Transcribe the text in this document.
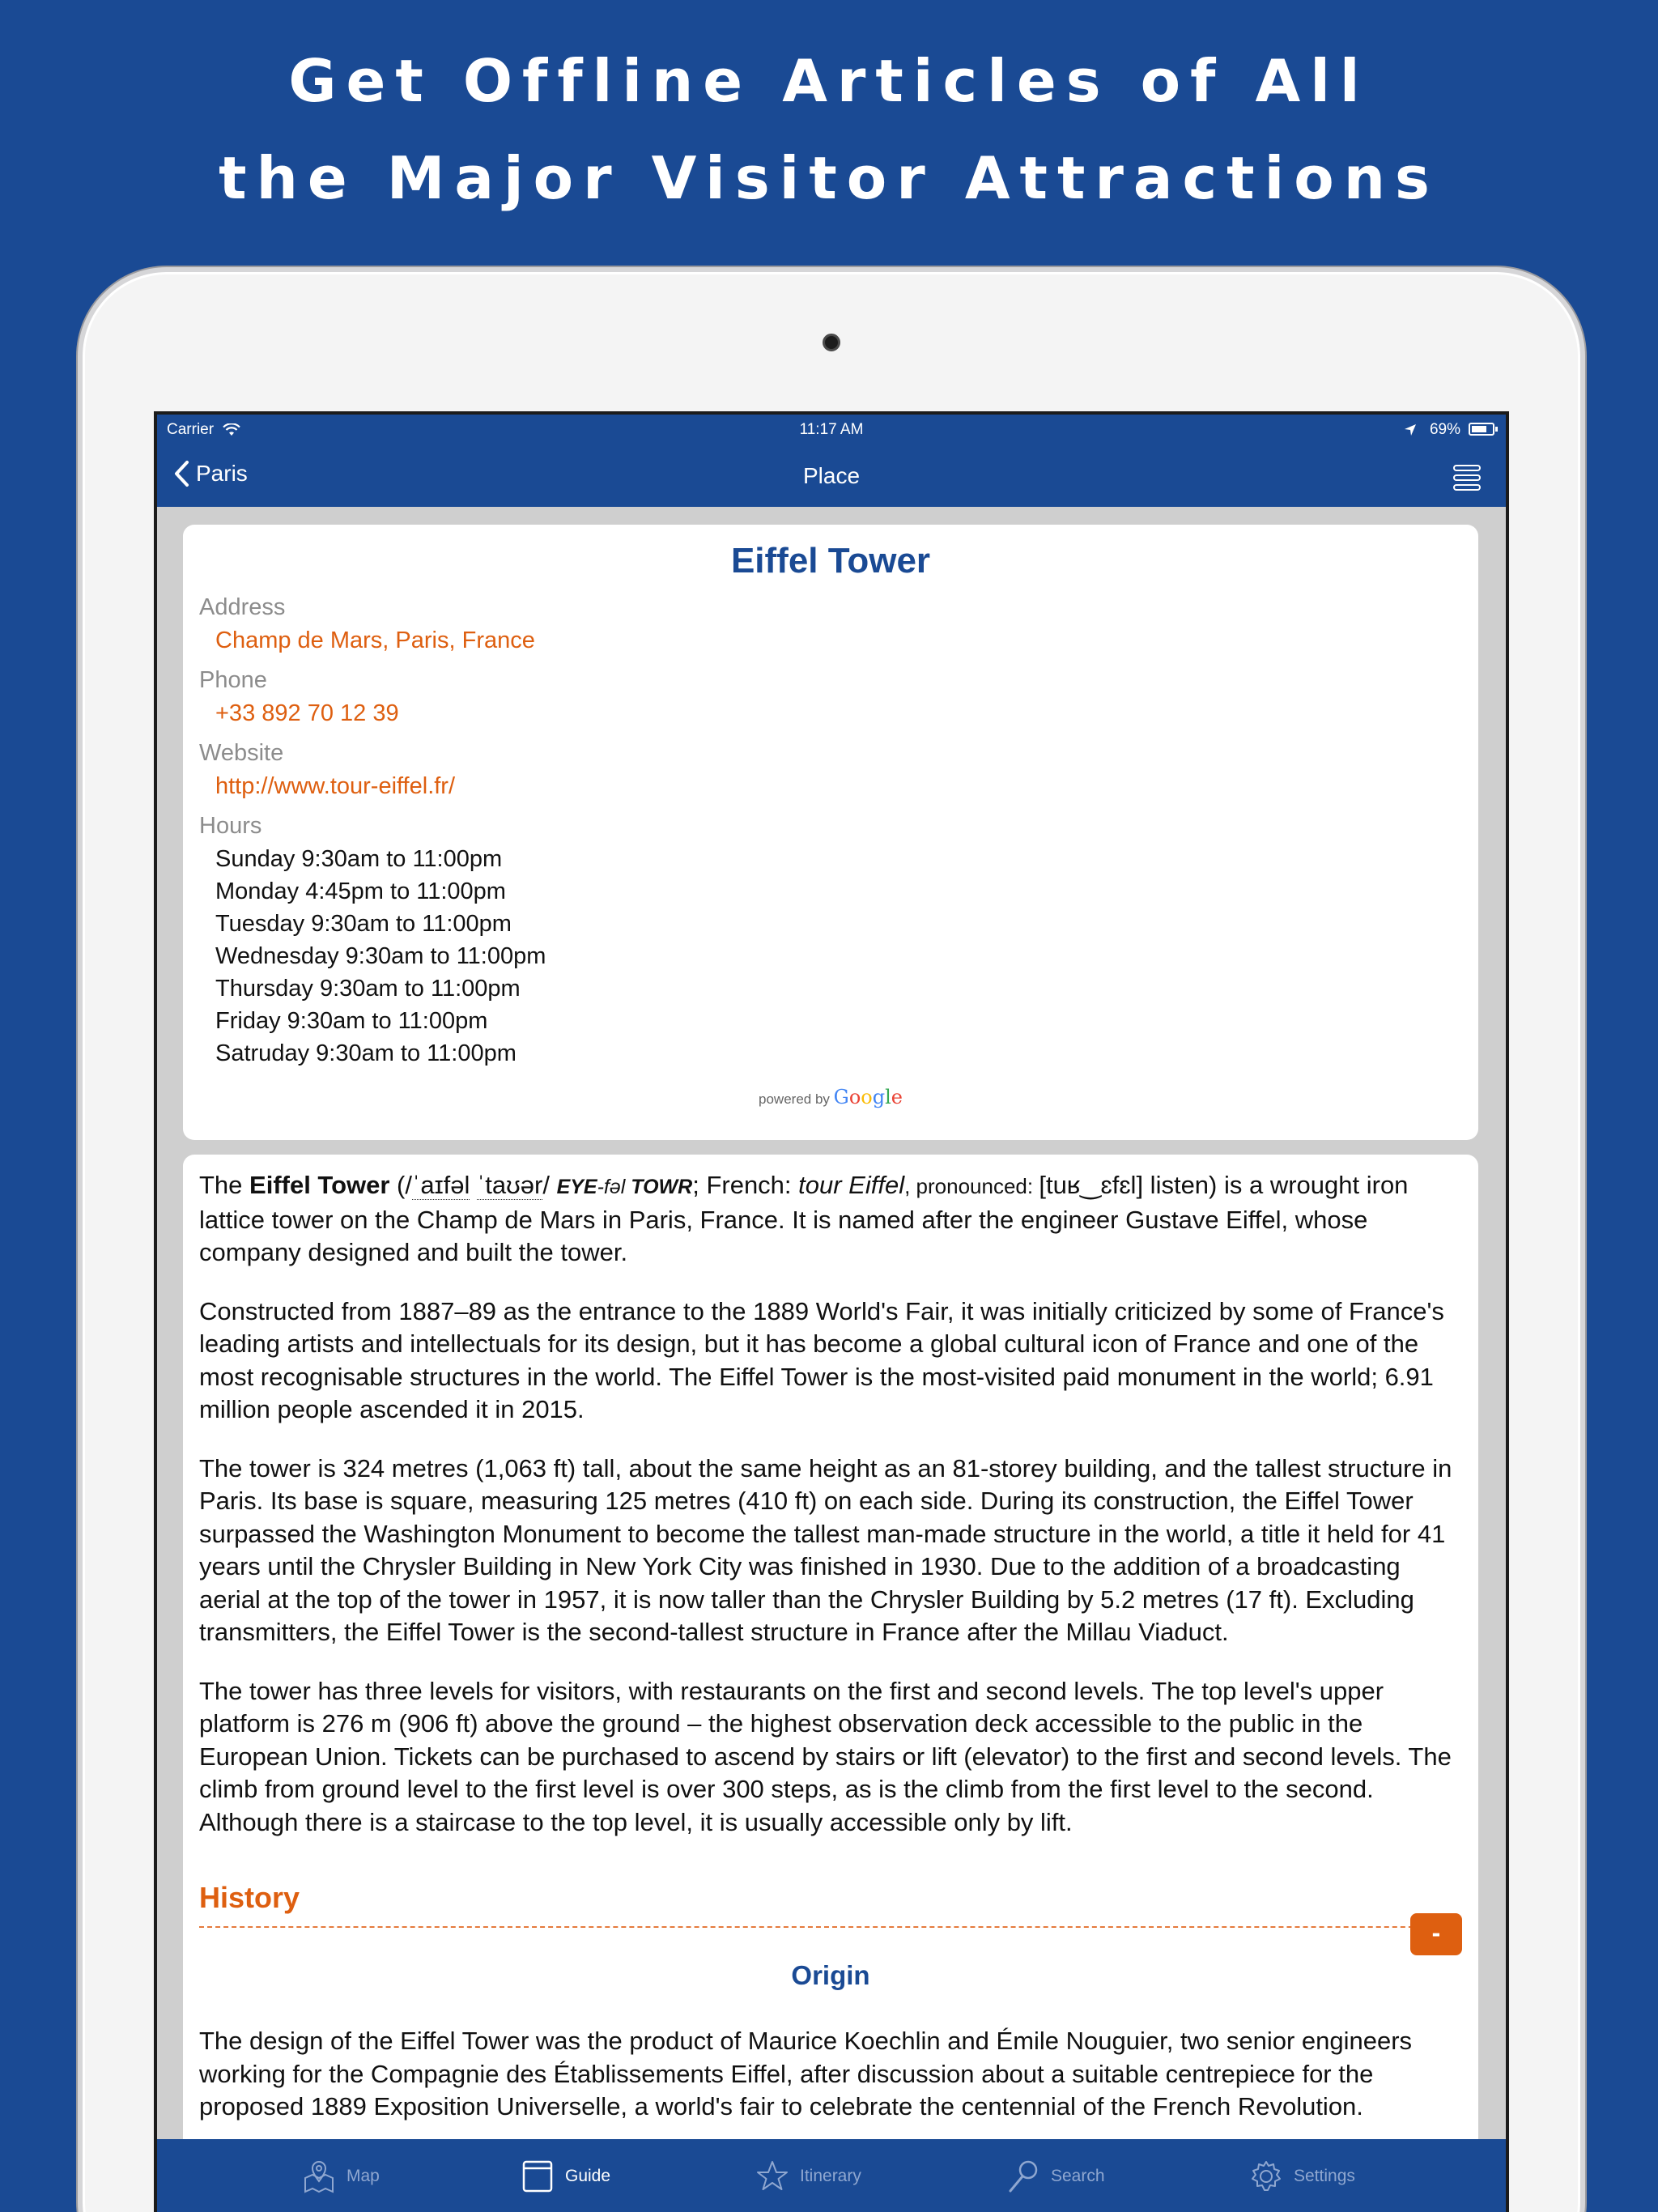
Get Offline Articles of All
the Major Visitor Attractions
Carrier	11:17 AM	69%
Paris	Place
Eiffel Tower
Address
Champ de Mars, Paris, France
Phone
+33 892 70 12 39
Website
http://www.tour-eiffel.fr/
Hours
Sunday 9:30am to 11:00pm
Monday 4:45pm to 11:00pm
Tuesday 9:30am to 11:00pm
Wednesday 9:30am to 11:00pm
Thursday 9:30am to 11:00pm
Friday 9:30am to 11:00pm
Satruday 9:30am to 11:00pm
powered by Google

The Eiffel Tower (/ˈaɪfəl ˈtaʊər/ EYE-fəl TOWR; French: tour Eiffel, pronounced: [tuʁ‿ɛfɛl] listen) is a wrought iron lattice tower on the Champ de Mars in Paris, France. It is named after the engineer Gustave Eiffel, whose company designed and built the tower.

Constructed from 1887–89 as the entrance to the 1889 World's Fair, it was initially criticized by some of France's leading artists and intellectuals for its design, but it has become a global cultural icon of France and one of the most recognisable structures in the world. The Eiffel Tower is the most-visited paid monument in the world; 6.91 million people ascended it in 2015.

The tower is 324 metres (1,063 ft) tall, about the same height as an 81-storey building, and the tallest structure in Paris. Its base is square, measuring 125 metres (410 ft) on each side. During its construction, the Eiffel Tower surpassed the Washington Monument to become the tallest man-made structure in the world, a title it held for 41 years until the Chrysler Building in New York City was finished in 1930. Due to the addition of a broadcasting aerial at the top of the tower in 1957, it is now taller than the Chrysler Building by 5.2 metres (17 ft). Excluding transmitters, the Eiffel Tower is the second-tallest structure in France after the Millau Viaduct.

The tower has three levels for visitors, with restaurants on the first and second levels. The top level's upper platform is 276 m (906 ft) above the ground – the highest observation deck accessible to the public in the European Union. Tickets can be purchased to ascend by stairs or lift (elevator) to the first and second levels. The climb from ground level to the first level is over 300 steps, as is the climb from the first level to the second. Although there is a staircase to the top level, it is usually accessible only by lift.

History
-
Origin

The design of the Eiffel Tower was the product of Maurice Koechlin and Émile Nouguier, two senior engineers working for the Compagnie des Établissements Eiffel, after discussion about a suitable centrepiece for the proposed 1889 Exposition Universelle, a world's fair to celebrate the centennial of the French Revolution.

Map	Guide	Itinerary	Search	Settings
